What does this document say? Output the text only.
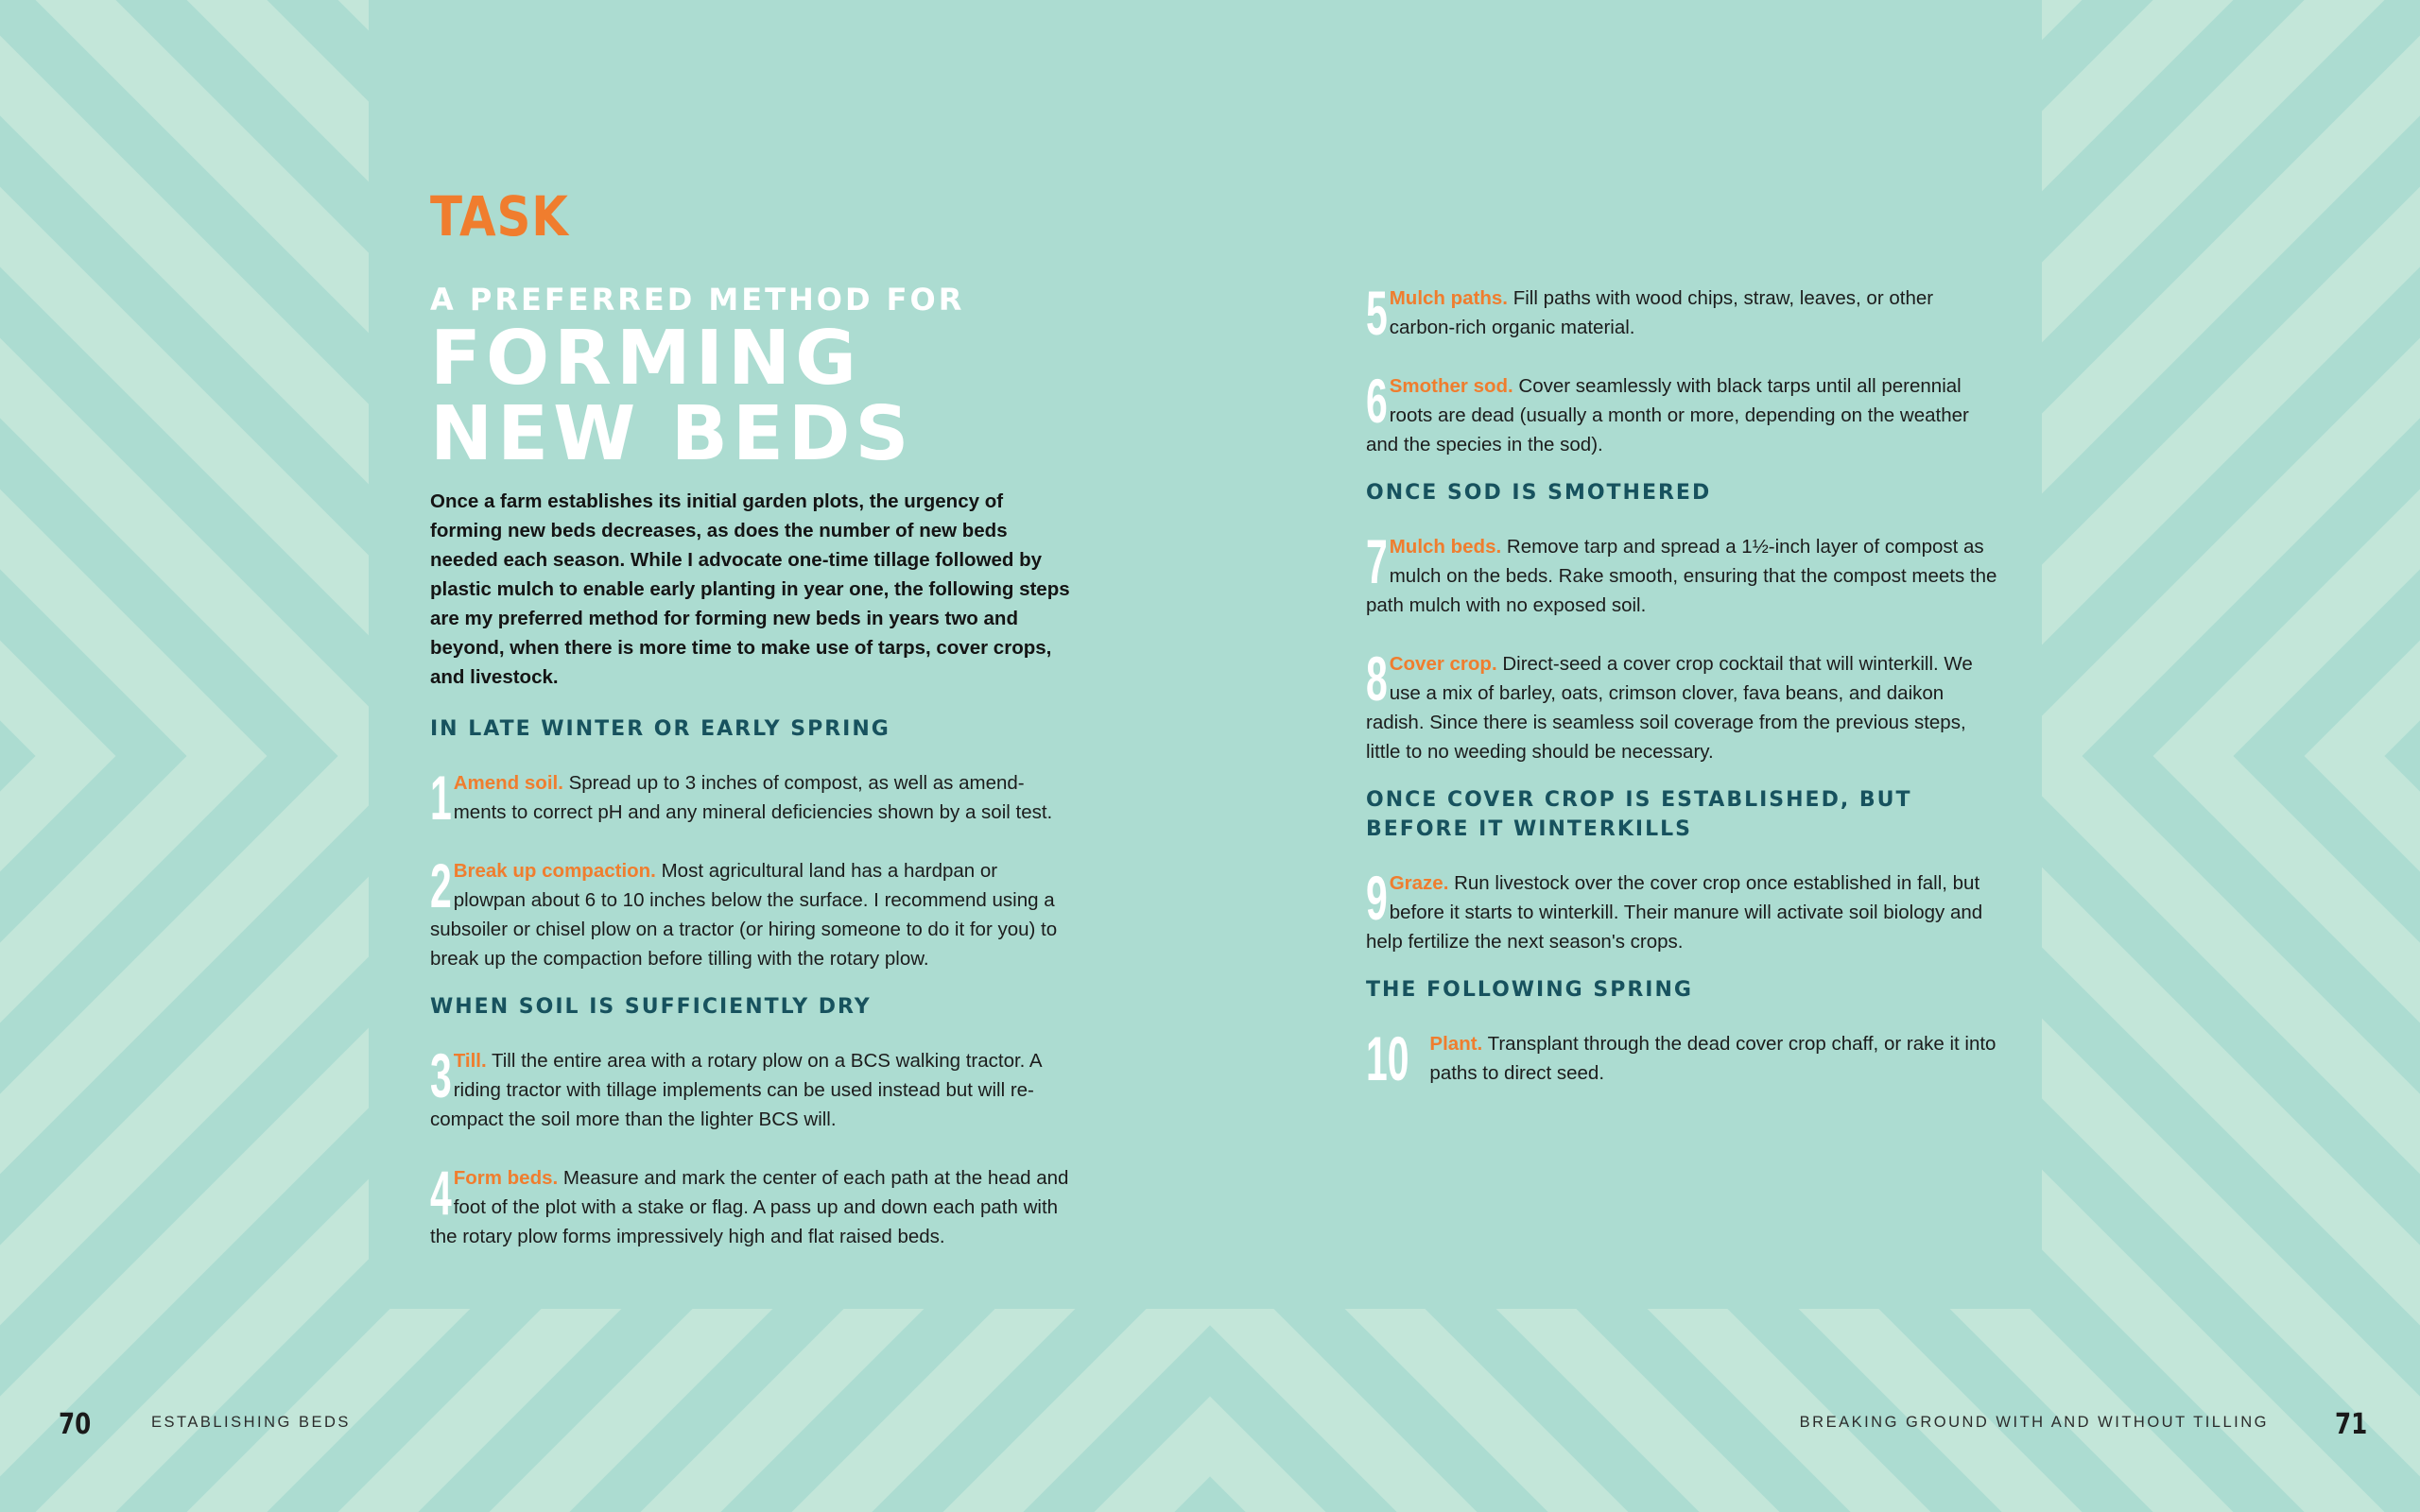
TASK
A PREFERRED METHOD FOR
FORMING
NEW BEDS

Once a farm establishes its initial garden plots, the urgency of forming new beds decreases, as does the number of new beds needed each season. While I advocate one-time tillage followed by plastic mulch to enable early planting in year one, the following steps are my preferred method for forming new beds in years two and beyond, when there is more time to make use of tarps, cover crops, and livestock.

IN LATE WINTER OR EARLY SPRING
1 Amend soil. Spread up to 3 inches of compost, as well as amend-ments to correct pH and any mineral deficiencies shown by a soil test.
2 Break up compaction. Most agricultural land has a hardpan or plowpan about 6 to 10 inches below the surface. I recommend using a subsoiler or chisel plow on a tractor (or hiring someone to do it for you) to break up the compaction before tilling with the rotary plow.
WHEN SOIL IS SUFFICIENTLY DRY
3 Till. Till the entire area with a rotary plow on a BCS walking tractor. A riding tractor with tillage implements can be used instead but will re-compact the soil more than the lighter BCS will.
4 Form beds. Measure and mark the center of each path at the head and foot of the plot with a stake or flag. A pass up and down each path with the rotary plow forms impressively high and flat raised beds.
5 Mulch paths. Fill paths with wood chips, straw, leaves, or other carbon-rich organic material.
6 Smother sod. Cover seamlessly with black tarps until all perennial roots are dead (usually a month or more, depending on the weather and the species in the sod).
ONCE SOD IS SMOTHERED
7 Mulch beds. Remove tarp and spread a 1½-inch layer of compost as mulch on the beds. Rake smooth, ensuring that the compost meets the path mulch with no exposed soil.
8 Cover crop. Direct-seed a cover crop cocktail that will winterkill. We use a mix of barley, oats, crimson clover, fava beans, and daikon radish. Since there is seamless soil coverage from the previous steps, little to no weeding should be necessary.
ONCE COVER CROP IS ESTABLISHED, BUT BEFORE IT WINTERKILLS
9 Graze. Run livestock over the cover crop once established in fall, but before it starts to winterkill. Their manure will activate soil biology and help fertilize the next season's crops.
THE FOLLOWING SPRING
10 Plant. Transplant through the dead cover crop chaff, or rake it into paths to direct seed.
70	ESTABLISHING BEDS	BREAKING GROUND WITH AND WITHOUT TILLING 71
